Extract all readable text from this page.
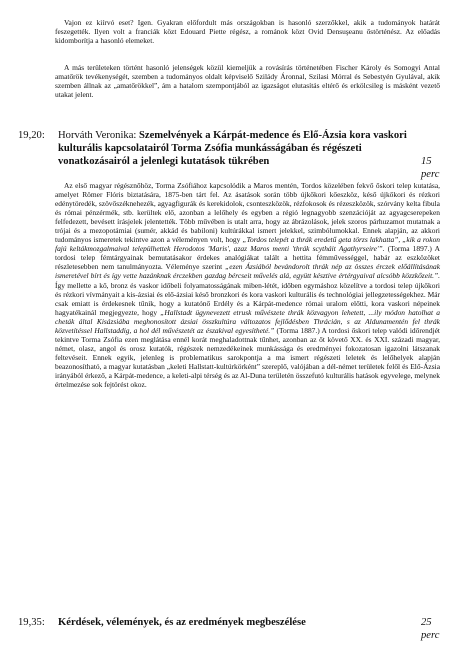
Vajon ez kiírvó eset? Igen. Gyakran előfordult más országokban is hasonló szerzőkkel, akik a tudományok határát feszegették. Ilyen volt a franciák közt Edouard Piette régész, a románok közt Ovid Densuşeanu őstörténész. Az előadás kidomborítja a hasonló elemeket.

A más területeken történt hasonló jelenségek közül kiemeljük a rovásírás történetében Fischer Károly és Somogyi Antal amatőrök tevékenységét, szemben a tudományos oldalt képviselő Szilády Áronnal, Szilasi Mórral és Sebestyén Gyulával, akik szemben állnak az „amatőrökkel”, ám a hatalom szempontjából az igazságot elutasítás eltérő és erkölcsileg is másként vezető utakat jelent.

19,20: Horváth Veronika: Szemelvények a Kárpát-medence és Elő-Ázsia kora vaskori kulturális kapcsolatairól Torma Zsófia munkásságában és régészeti vonatkozásairól a jelenlegi kutatások tükrében	15 perc

Az első magyar régésznőhöz, Torma Zsófiához kapcsolódik a Maros mentén, Tordos közelében fekvő őskori telep kutatása, amelyet Römer Flóris biztatására, 1875-ben tárt fel. Az ásatások során több újkőkori kőeszköz, késő újkőkori és rézkori edénytöredék, szövőszéknehezék, agyagfigurák és kerekidolok, csonteszközök, rézfokosok és rézeszközök, szórvány kelta fibula és római pénzérmék, stb. kerültek elő, azonban a lelőhely és egyben a régió legnagyobb szenzációját az agyagcserepeken felfedezett, bevésett írásjelek jelentették. Több művében is utalt arra, hogy az ábrázolások, jelek szoros párhuzamot mutatnak a trójai és a mezopotámiai (sumér, akkád és babiloni) kultúrákkal ismert jelekkel, szimbólumokkal. Ennek alapján, az akkori tudományos ismeretek tekintve azon a véleményen volt, hogy „Tordos telepét a thrák eredetű geta törzs lakhatta”, „kik a rokon fajú keltákmozgalmaival települhettek Herodotos 'Maris', azaz Maros menti 'thrák scytháit Agathyrseire'”. (Torma 1897.) A tordosi telep fémtárgyainak bemutatásakor érdekes analógiákat talált a hettita fémművességgel, habár az eszközöket részletesebben nem tanulmányozta. Véleménye szerint „ezen Ázsiából bevándorolt thrák nép az összes érczek előállításának ismeretével bírt és így vette hazánknak érczekben gazdag bércseit művelés alá, együtt késztive értérgyaival alcsóbb közzkőzeit.”. Így mellette a kő, bronz és vaskor időbeli folyamatosságának miben-létét, időben egymáshoz közelítve a tordosi telep újkőkori és rézkori vívmányait a kis-ázsiai és elő-ázsiai késő bronzkori és kora vaskori kulturális és technológiai jellegzetességekhez. Már csak emiatt is érdekesnek tűnik, hogy a kutatónő Erdély és a Kárpát-medence római uralom előtti, kora vaskori népeinek hagyatékainál megjegyezte, hogy „Hallstadt ügynevezett etrusk művészete thrák közvagyon lehetett, ...ily módon hatolhat a cheták által Kisázsiába meghonosított ázsiai összkultúra változatos fejlődésben Thrácián, s az Aldunamentén fel thrák közvetítéssel Hallstaddig, a hol dél művészetét az északival egyesítheté.” (Torma 1887.) A tordosi őskori telep valódi időrendjét tekintve Torma Zsófia ezen meglátása ennél korát meghaladottnak tűnhet, azonban az őt követő XX. és XXI. századi magyar, német, olasz, angol és orosz kutatók, régészek nemzedékeinek munkássága és eredményei fokozatosan igazolni látszanak feltevéseit. Ennek egyik, jelenleg is problematikus sarokpontja a ma ismert régészeti leletek és lelőhelyek alapján beazonosítható, a magyar kutatásban „keleti Hallstatt-kultúrkörként” szereplő, valójában a dél-német területek felől és Elő-Ázsia irányából érkező, a Kárpát-medence, a keleti-alpi térség és az Al-Duna területén összefutó kulturális hatások egyvelege, melynek értelmezése sok fejtörést okoz.

19,35: Kérdések, vélemények, és az eredmények megbeszélése	25 perc
